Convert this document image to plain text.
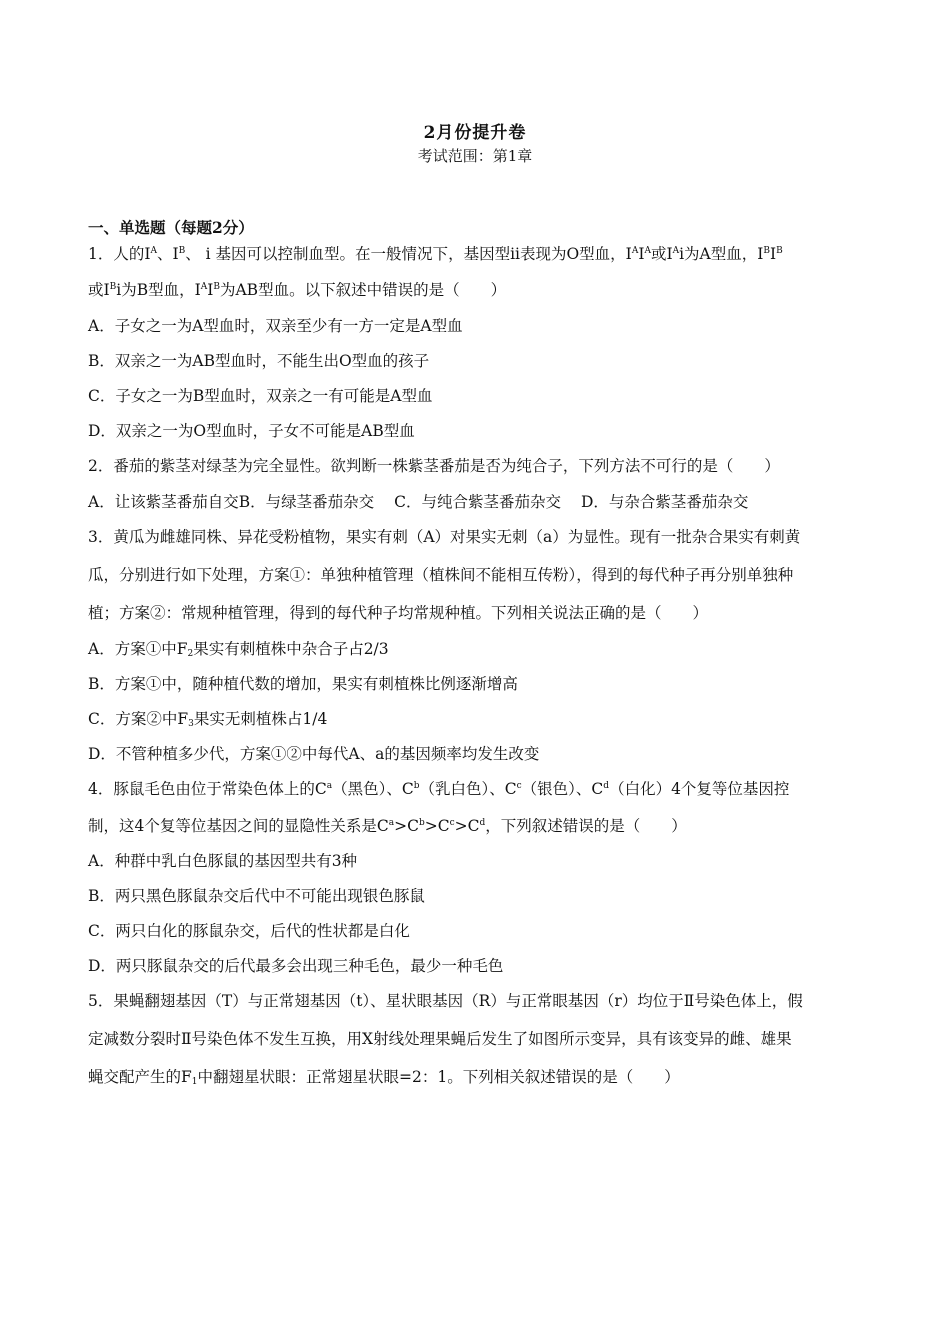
2月份提升卷
考试范围：第1章
一、单选题（每题2分）
1．人的$I^A$、$I^B$、 i 基因可以控制血型。在一般情况下，基因型ii表现为O型血，$I^AI^A$或$I^Ai$为A型血，$I^BI^B$
或$I^Bi$为B型血，$I^AI^B$为AB型血。以下叙述中错误的是（　　）
A．子女之一为A型血时，双亲至少有一方一定是A型血
B．双亲之一为AB型血时，不能生出O型血的孩子
C．子女之一为B型血时，双亲之一有可能是A型血
D．双亲之一为O型血时，子女不可能是AB型血
2．番茄的紫茎对绿茎为完全显性。欲判断一株紫茎番茄是否为纯合子，下列方法不可行的是（　　）
A．让该紫茎番茄自交B．与绿茎番茄杂交 C．与纯合紫茎番茄杂交 D．与杂合紫茎番茄杂交
3．黄瓜为雌雄同株、异花受粉植物，果实有刺（A）对果实无刺（a）为显性。现有一批杂合果实有刺黄
瓜，分别进行如下处理，方案①：单独种植管理（植株间不能相互传粉），得到的每代种子再分别单独种
植；方案②：常规种植管理，得到的每代种子均常规种植。下列相关说法正确的是（　　）
A．方案①中$F_2$果实有刺植株中杂合子占2/3
B．方案①中，随种植代数的增加，果实有刺植株比例逐渐增高
C．方案②中$F_3$果实无刺植株占1/4
D．不管种植多少代，方案①②中每代A、a的基因频率均发生改变
4．豚鼠毛色由位于常染色体上的$C^a$（黑色）、$C^b$（乳白色）、$C^c$（银色）、$C^d$（白化）4个复等位基因控
制，这4个复等位基因之间的显隐性关系是$C^a>C^b>C^c>C^d$，下列叙述错误的是（　　）
A．种群中乳白色豚鼠的基因型共有3种
B．两只黑色豚鼠杂交后代中不可能出现银色豚鼠
C．两只白化的豚鼠杂交，后代的性状都是白化
D．两只豚鼠杂交的后代最多会出现三种毛色，最少一种毛色
5．果蝇翻翅基因（T）与正常翅基因（t）、星状眼基因（R）与正常眼基因（r）均位于Ⅱ号染色体上，假
定减数分裂时Ⅱ号染色体不发生互换，用X射线处理果蝇后发生了如图所示变异，具有该变异的雌、雄果
蝇交配产生的$F_1$中翻翅星状眼：正常翅星状眼=2：1。下列相关叙述错误的是（　　）
